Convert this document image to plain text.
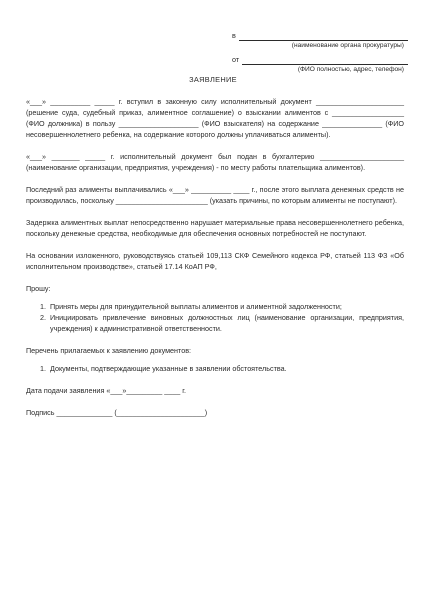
в
(наименование органа прокуратуры)
от
(ФИО полностью, адрес, телефон)
ЗАЯВЛЕНИЕ

«___» __________ _____ г. вступил в законную силу исполнительный документ ______________________ (решение суда, судебный приказ, алиментное соглашение) о взыскании алиментов с __________________ (ФИО должника) в пользу ____________________ (ФИО взыскателя) на содержание _______________ (ФИО несовершеннолетнего ребенка, на содержание которого должны уплачиваться алименты).

«___» _______ _____ г. исполнительный документ был подан в бухгалтерию _____________________ (наименование организации, предприятия, учреждения) - по месту работы плательщика алиментов).

Последний раз алименты выплачивались «___» __________ ____ г., после этого выплата денежных средств не производилась, поскольку _______________________ (указать причины, по которым алименты не поступают).

Задержка алиментных выплат непосредственно нарушает материальные права несовершеннолетнего ребенка, поскольку денежные средства, необходимые для обеспечения основных потребностей не поступают.

На основании изложенного, руководствуясь статьей 109,113 СКФ Семейного кодекса РФ, статьей 113 ФЗ «Об исполнительном производстве», статьей 17.14 КоАП РФ,

Прошу:

1. Принять меры для принудительной выплаты алиментов и алиментной задолженности;
2. Инициировать привлечение виновных должностных лиц (наименование организации, предприятия, учреждения) к административной ответственности.

Перечень прилагаемых к заявлению документов:

1. Документы, подтверждающие указанные в заявлении обстоятельства.

Дата подачи заявления «___»_________ ____ г.

Подпись ______________ (______________________)
